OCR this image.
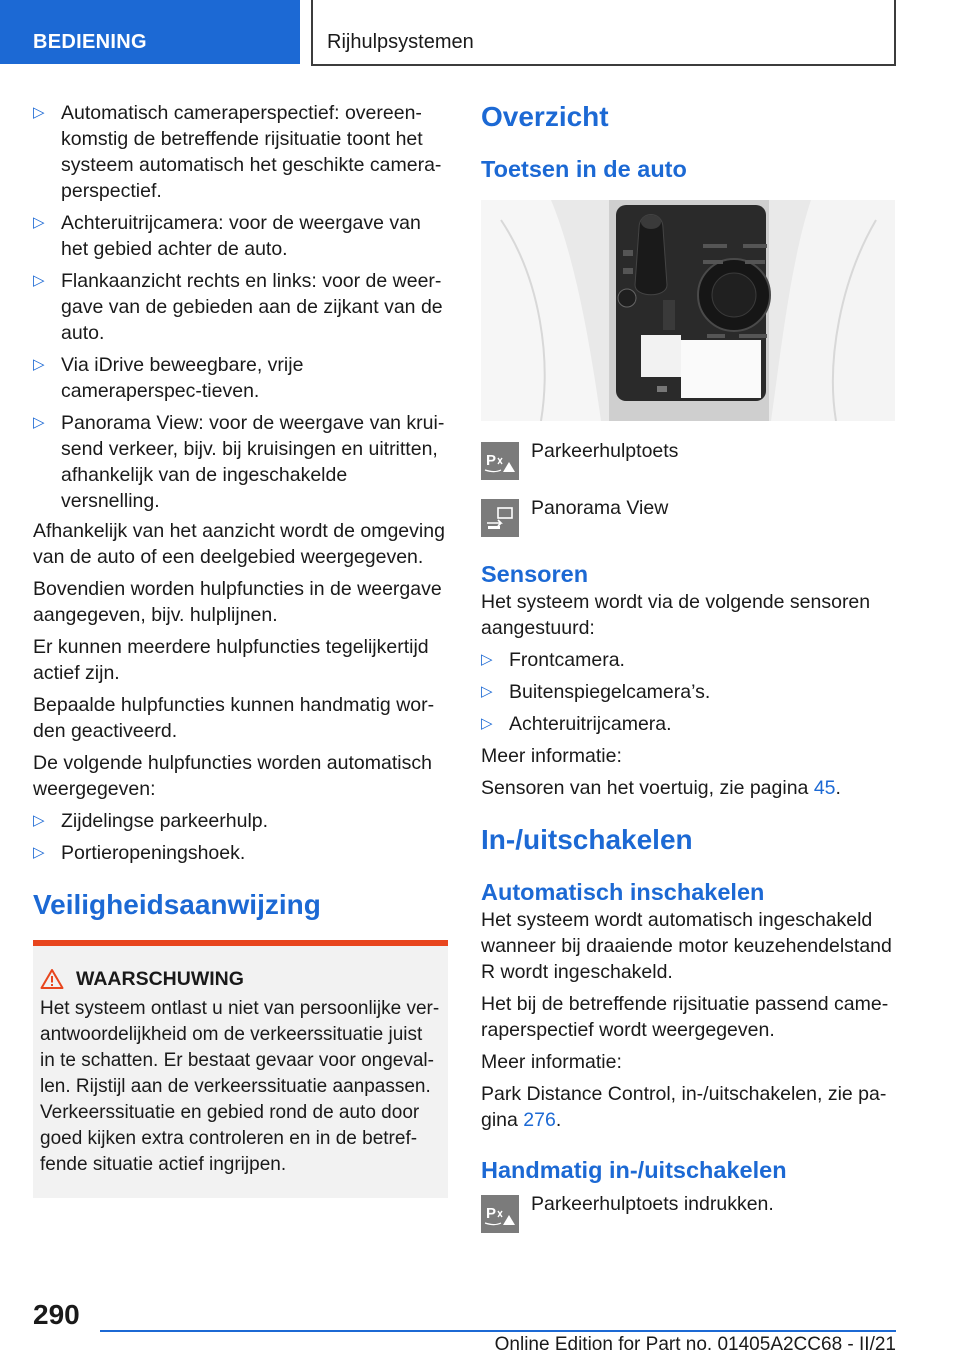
BEDIENING	Rijhulpsystemen
▷ Automatisch cameraperspectief: overeen-komstig de betreffende rijsituatie toont het systeem automatisch het geschikte camera-perspectief.
▷ Achteruitrijcamera: voor de weergave van het gebied achter de auto.
▷ Flankaanzicht rechts en links: voor de weer-gave van de gebieden aan de zijkant van de auto.
▷ Via iDrive beweegbare, vrije cameraperspec-tieven.
▷ Panorama View: voor de weergave van krui-send verkeer, bijv. bij kruisingen en uitritten, afhankelijk van de ingeschakelde versnelling.

Afhankelijk van het aanzicht wordt de omgeving van de auto of een deelgebied weergegeven.

Bovendien worden hulpfuncties in de weergave aangegeven, bijv. hulplijnen.

Er kunnen meerdere hulpfuncties tegelijkertijd actief zijn.

Bepaalde hulpfuncties kunnen handmatig wor-den geactiveerd.

De volgende hulpfuncties worden automatisch weergegeven:

▷ Zijdelingse parkeerhulp.
▷ Portieropeningshoek.
Veiligheidsaanwijzing
WAARSCHUWING

Het systeem ontlast u niet van persoonlijke ver-antwoordelijkheid om de verkeerssituatie juist in te schatten. Er bestaat gevaar voor ongeval-len. Rijstijl aan de verkeerssituatie aanpassen. Verkeerssituatie en gebied rond de auto door goed kijken extra controleren en in de betref-fende situatie actief ingrijpen.

Overzicht
Toetsen in de auto
P Parkeerhulptoets
Panorama View
Sensoren

Het systeem wordt via de volgende sensoren aangestuurd:

▷ Frontcamera.
▷ Buitenspiegelcamera’s.
▷ Achteruitrijcamera.

Meer informatie:

Sensoren van het voertuig, zie pagina 45.

In-/uitschakelen
Automatisch inschakelen

Het systeem wordt automatisch ingeschakeld wanneer bij draaiende motor keuzehendelstand R wordt ingeschakeld.

Het bij de betreffende rijsituatie passend came-raperspectief wordt weergegeven.

Meer informatie:

Park Distance Control, in-/uitschakelen, zie pa-gina 276.

Handmatig in-/uitschakelen
P Parkeerhulptoets indrukken.
290
Online Edition for Part no. 01405A2CC68 - II/21
